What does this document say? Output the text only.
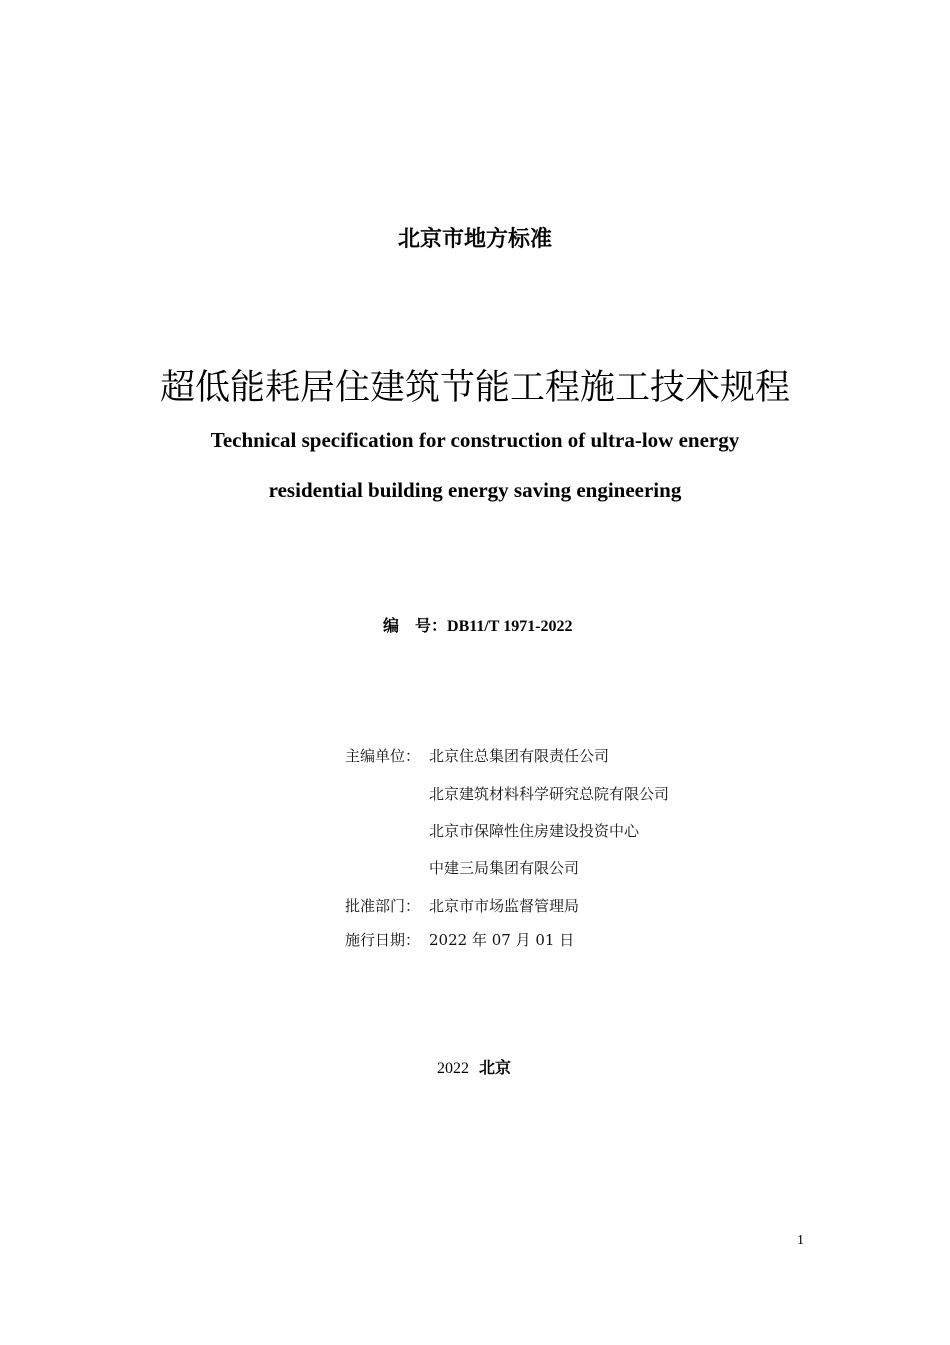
北京市地方标准
超低能耗居住建筑节能工程施工技术规程
Technical specification for construction of ultra-low energy
residential building energy saving engineering
编　号：DB11/T 1971-2022
主编单位： 北京住总集团有限责任公司
北京建筑材料科学研究总院有限公司
北京市保障性住房建设投资中心
中建三局集团有限公司
批准部门： 北京市市场监督管理局
施行日期： 2022 年 07 月 01 日
2022 北京
1
